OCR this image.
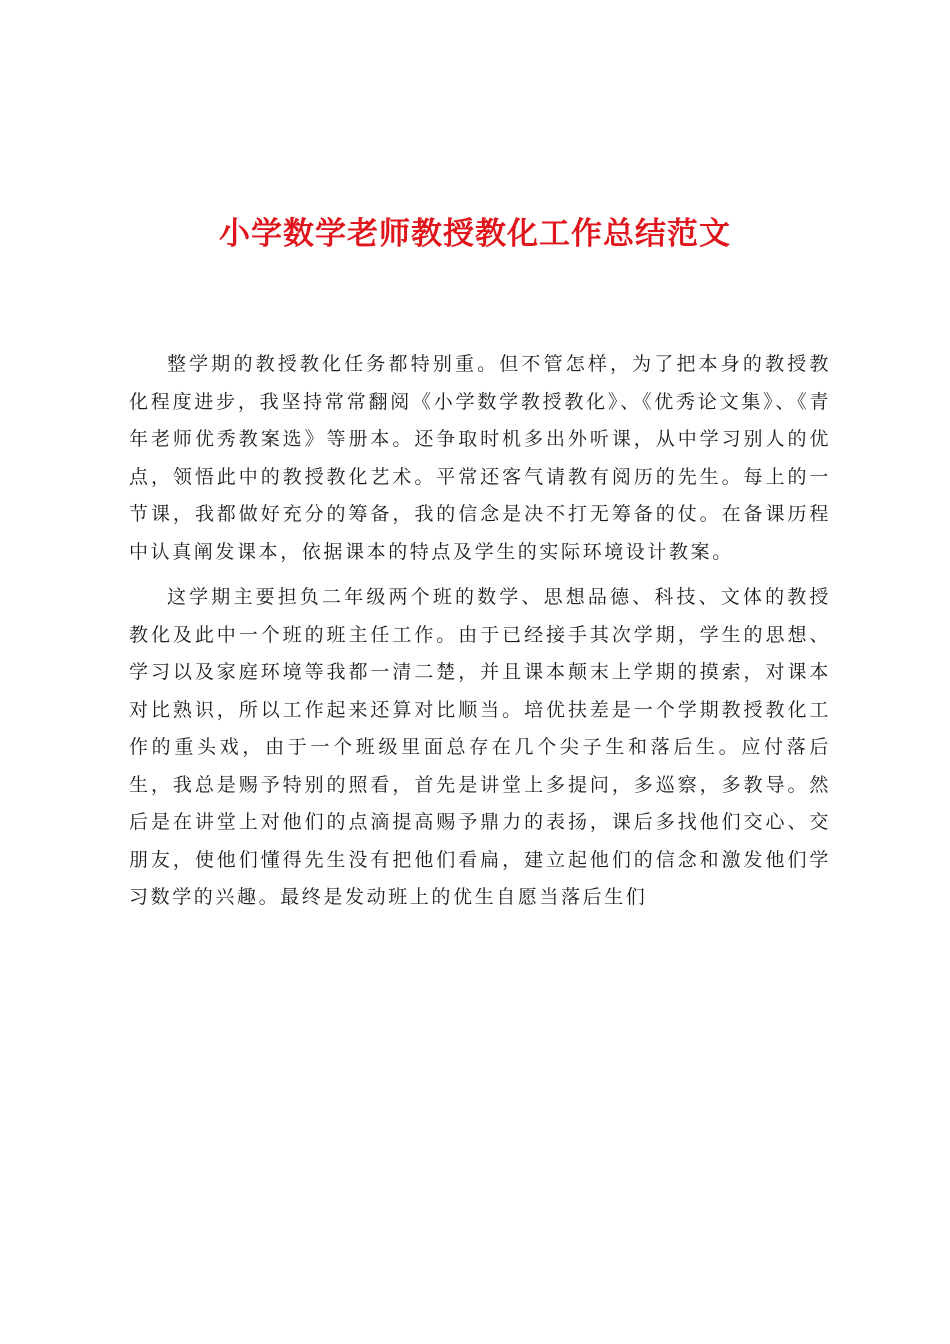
小学数学老师教授教化工作总结范文

整学期的教授教化任务都特别重。但不管怎样，为了把本身的教授教化程度进步，我坚持常常翻阅《小学数学教授教化》、《优秀论文集》、《青年老师优秀教案选》等册本。还争取时机多出外听课，从中学习别人的优点，领悟此中的教授教化艺术。平常还客气请教有阅历的先生。每上的一节课，我都做好充分的筹备，我的信念是决不打无筹备的仗。在备课历程中认真阐发课本，依据课本的特点及学生的实际环境设计教案。

这学期主要担负二年级两个班的数学、思想品德、科技、文体的教授教化及此中一个班的班主任工作。由于已经接手其次学期，学生的思想、学习以及家庭环境等我都一清二楚，并且课本颠末上学期的摸索，对课本对比熟识，所以工作起来还算对比顺当。培优扶差是一个学期教授教化工作的重头戏，由于一个班级里面总存在几个尖子生和落后生。应付落后生，我总是赐予特别的照看，首先是讲堂上多提问，多巡察，多教导。然后是在讲堂上对他们的点滴提高赐予鼎力的表扬，课后多找他们交心、交朋友，使他们懂得先生没有把他们看扁，建立起他们的信念和激发他们学习数学的兴趣。最终是发动班上的优生自愿当落后生们
